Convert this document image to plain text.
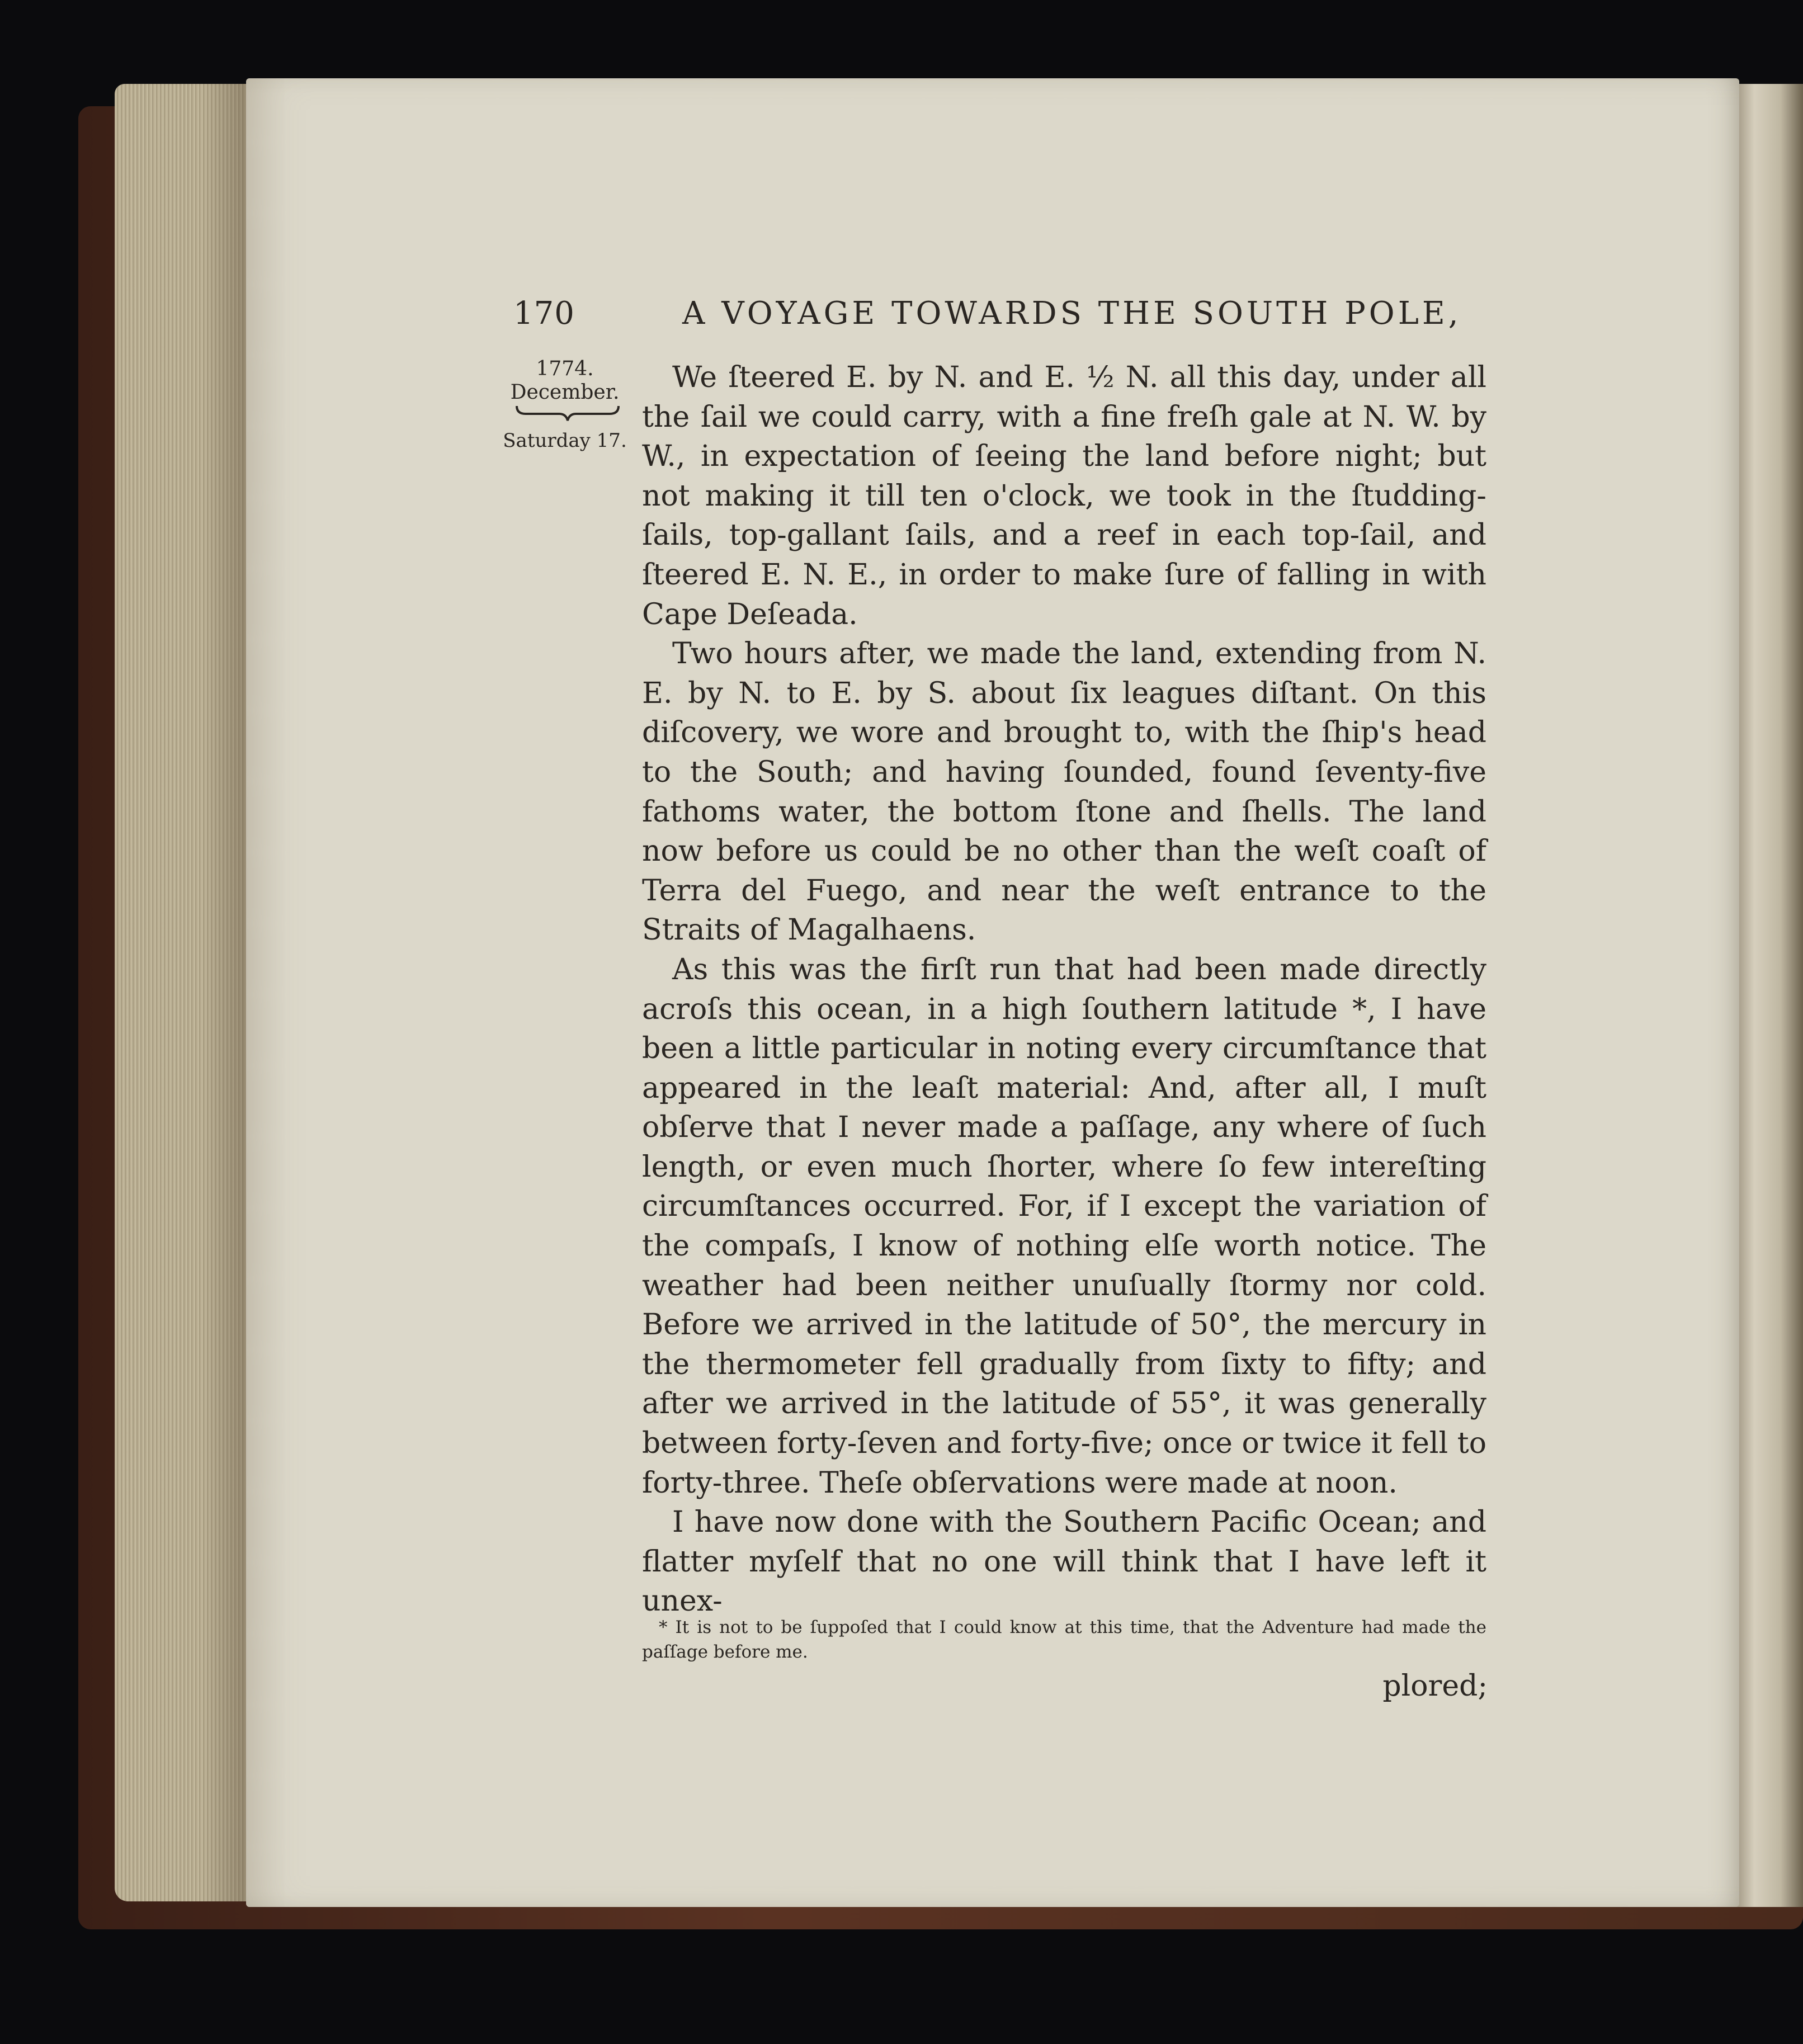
170	A VOYAGE TOWARDS THE SOUTH POLE,
1774.
December.
Saturday 17.

We ſteered E. by N. and E. ½ N. all this day, under all the ſail we could carry, with a fine freſh gale at N. W. by W., in expectation of ſeeing the land before night; but not making it till ten o'clock, we took in the ſtudding-ſails, top-gallant ſails, and a reef in each top-ſail, and ſteered E. N. E., in order to make ſure of falling in with Cape Deſeada.

Two hours after, we made the land, extending from N. E. by N. to E. by S. about ſix leagues diſtant. On this diſcovery, we wore and brought to, with the ſhip's head to the South; and having ſounded, found ſeventy-five fathoms water, the bottom ſtone and ſhells. The land now before us could be no other than the weſt coaſt of Terra del Fuego, and near the weſt entrance to the Straits of Magalhaens.

As this was the firſt run that had been made directly acroſs this ocean, in a high ſouthern latitude *, I have been a little particular in noting every circumſtance that appeared in the leaſt material: And, after all, I muſt obſerve that I never made a paſſage, any where of ſuch length, or even much ſhorter, where ſo few intereſting circumſtances occurred. For, if I except the variation of the compaſs, I know of nothing elſe worth notice. The weather had been neither unuſually ſtormy nor cold. Before we arrived in the latitude of 50°, the mercury in the thermometer fell gradually from ſixty to fifty; and after we arrived in the latitude of 55°, it was generally between forty-ſeven and forty-five; once or twice it fell to forty-three. Theſe obſervations were made at noon.

I have now done with the Southern Pacific Ocean; and flatter myſelf that no one will think that I have left it unex-

* It is not to be ſuppoſed that I could know at this time, that the Adventure had made the paſſage before me.
plored;
